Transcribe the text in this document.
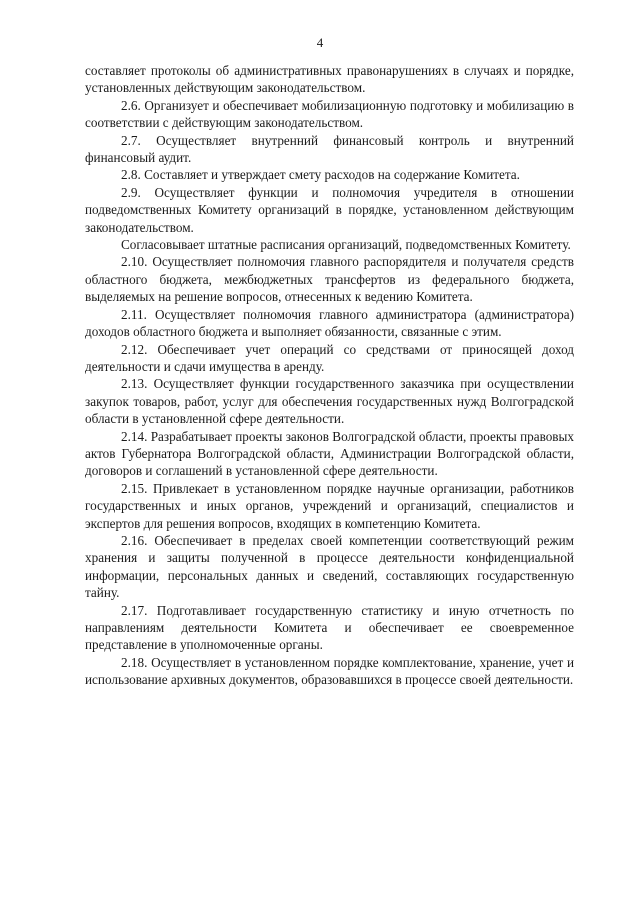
4

составляет протоколы об административных правонарушениях в случаях и порядке, установленных действующим законодательством.

2.6. Организует и обеспечивает мобилизационную подготовку и мобилизацию в соответствии с действующим законодательством.

2.7. Осуществляет внутренний финансовый контроль и внутренний финансовый аудит.

2.8. Составляет и утверждает смету расходов на содержание Комитета.

2.9. Осуществляет функции и полномочия учредителя в отношении подведомственных Комитету организаций в порядке, установленном действующим законодательством.

Согласовывает штатные расписания организаций, подведомственных Комитету.

2.10. Осуществляет полномочия главного распорядителя и получателя средств областного бюджета, межбюджетных трансфертов из федерального бюджета, выделяемых на решение вопросов, отнесенных к ведению Комитета.

2.11. Осуществляет полномочия главного администратора (администратора) доходов областного бюджета и выполняет обязанности, связанные с этим.

2.12. Обеспечивает учет операций со средствами от приносящей доход деятельности и сдачи имущества в аренду.

2.13. Осуществляет функции государственного заказчика при осуществлении закупок товаров, работ, услуг для обеспечения государственных нужд Волгоградской области в установленной сфере деятельности.

2.14. Разрабатывает проекты законов Волгоградской области, проекты правовых актов Губернатора Волгоградской области, Администрации Волгоградской области, договоров и соглашений в установленной сфере деятельности.

2.15. Привлекает в установленном порядке научные организации, работников государственных и иных органов, учреждений и организаций, специалистов и экспертов для решения вопросов, входящих в компетенцию Комитета.

2.16. Обеспечивает в пределах своей компетенции соответствующий режим хранения и защиты полученной в процессе деятельности конфиденциальной информации, персональных данных и сведений, составляющих государственную тайну.

2.17. Подготавливает государственную статистику и иную отчетность по направлениям деятельности Комитета и обеспечивает ее своевременное представление в уполномоченные органы.

2.18. Осуществляет в установленном порядке комплектование, хранение, учет и использование архивных документов, образовавшихся в процессе своей деятельности.
